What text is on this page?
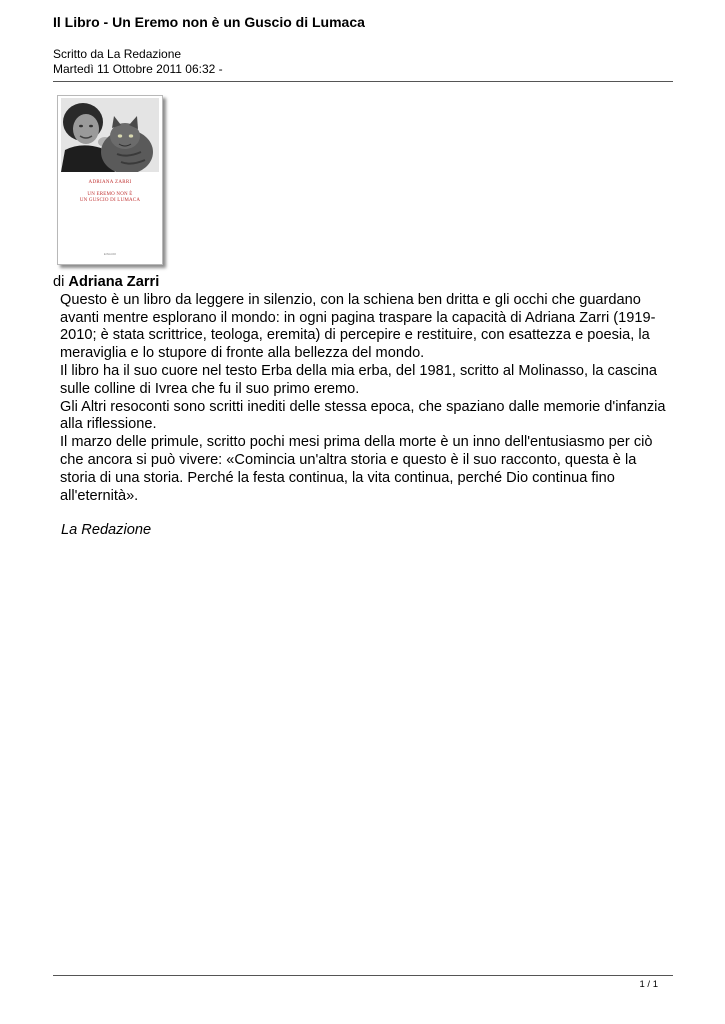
Il Libro - Un Eremo non è un Guscio di Lumaca
Scritto da La Redazione
Martedì 11 Ottobre 2011 06:32 -
ADRIANA ZARRI
UN EREMO NON È
UN GUSCIO DI LUMACA
EINAUDI

di Adriana Zarri

Questo è un libro da leggere in silenzio, con la schiena ben dritta e gli occhi che guardano avanti mentre esplorano il mondo: in ogni pagina traspare la capacità di Adriana Zarri (1919-2010; è stata scrittrice, teologa, eremita) di percepire e restituire, con esattezza e poesia, la meraviglia e lo stupore di fronte alla bellezza del mondo.

Il libro ha il suo cuore nel testo Erba della mia erba, del 1981, scritto al Molinasso, la cascina sulle colline di Ivrea che fu il suo primo eremo.

Gli Altri resoconti sono scritti inediti delle stessa epoca, che spaziano dalle memorie d'infanzia alla riflessione.

Il marzo delle primule, scritto pochi mesi prima della morte è un inno dell'entusiasmo per ciò che ancora si può vivere: «Comincia un'altra storia e questo è il suo racconto, questa è la storia di una storia. Perché la festa continua, la vita continua, perché Dio continua fino all'eternità».

La Redazione

1 / 1
